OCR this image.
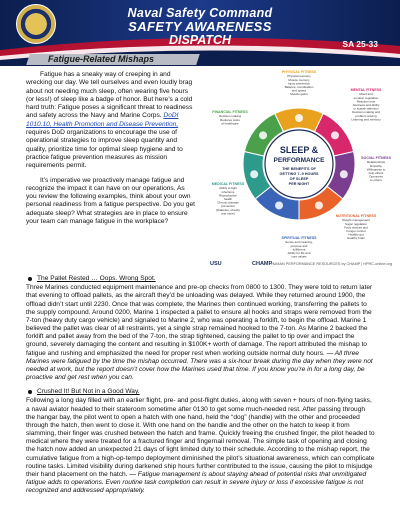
Naval Safety Command
SAFETY AWARENESS
DISPATCH	SA 25-33
Fatigue-Related Mishaps

Fatigue has a sneaky way of creeping in and wrecking our day. We tell ourselves and even loudly brag about not needing much sleep, often wearing five hours (or less!) of sleep like a badge of honor. But here’s a cold hard truth: Fatigue poses a significant threat to readiness and safety across the Navy and Marine Corps. DoDI 1010.10, Health Promotion and Disease Prevention, requires DoD organizations to encourage the use of operational strategies to improve sleep quantity and quality, prioritize time for optimal sleep hygiene and to practice fatigue prevention measures as mission requirements permit.

It’s imperative we proactively manage fatigue and recognize the impact it can have on our operations. As you review the following examples, think about your own personal readiness from a fatigue perspective. Do you get adequate sleep? What strategies are in place to ensure your team can manage fatigue in the workplace?

SLEEP &
PERFORMANCE
THE BENEFITS OF
GETTING 7–9 HOURS
OF SLEEP
PER NIGHT
PHYSICAL FITNESS
Physical recovery
Muscle memory
Injury prevention
Balance, coordination
and speed
Muscle gains
MENTAL FITNESS
Mood and
emotion regulation
Reaction time
Alertness and ability
to sustain attention
Decision making and
problem solving
Learning and memory
SOCIAL FITNESS
Relationships
Empathy
Willingness to
help others
Openness
to others
NUTRITIONAL FITNESS
Weight management
Sugar regulation
Food choices and
hunger control
Healthy gut
Healthy brain
SPIRITUAL FITNESS
Sense and meaning,
purpose and
fulfillment
Ability for life and
core values
MEDICAL FITNESS
Ability to fight
infections
Reproductive
health
Chronic disease
prevention
(Diabetes, obesity
and more)
FINANCIAL FITNESS
Decision making
Reduces costs
of healthcare
USU	CHAMP
HUMAN PERFORMANCE RESOURCES by CHAMP | HPRC-online.org
The Pallet Rested … Oops. Wrong Spot.
Three Marines conducted equipment maintenance and pre-op checks from 0800 to 1300. They were told to return later that evening to offload pallets, as the aircraft they’d be unloading was delayed. While they returned around 1900, the offload didn’t start until 2230. Once that was complete, the Marines then continued working, transferring the pallets to the supply compound. Around 0200, Marine 1 inspected a pallet to ensure all hooks and straps were removed from the 7-ton (heavy duty cargo vehicle) and signaled to Marine 2, who was operating a forklift, to begin the offload. Marine 1 believed the pallet was clear of all restraints, yet a single strap remained hooked to the 7-ton. As Marine 2 backed the forklift and pallet away from the bed of the 7-ton, the strap tightened, causing the pallet to tip over and impact the ground, severely damaging the content and resulting in $100K+ worth of damage. The report attributed the mishap to fatigue and rushing and emphasized the need for proper rest when working outside normal duty hours. — All three Marines were fatigued by the time the mishap occurred. There was a six-hour break during the day when they were not needed at work, but the report doesn’t cover how the Marines used that time. If you know you’re in for a long day, be proactive and get rest when you can.
Crushed It! But Not in a Good Way.
Following a long day filled with an earlier flight, pre- and post-flight duties, along with seven + hours of non-flying tasks, a naval aviator headed to their stateroom sometime after 0130 to get some much-needed rest. After passing through the hangar bay, the pilot went to open a hatch with one hand, held the “dog” (handle) with the other and proceeded through the hatch, then went to close it. With one hand on the handle and the other on the hatch to keep it from slamming, their finger was crushed between the hatch and frame. Quickly freeing the crushed finger, the pilot headed to medical where they were treated for a fractured finger and fingernail removal. The simple task of opening and closing the hatch now added an unexpected 21 days of light limited duty to their schedule. According to the mishap report, the cumulative fatigue from a high-op-tempo deployment diminished the pilot’s situational awareness, which can complicate routine tasks. Limited visibility during darkened ship hours further contributed to the issue, causing the pilot to misjudge their hand placement on the hatch. — Fatigue management is about staying ahead of potential risks that unmitigated fatigue adds to operations. Even routine task completion can result in severe injury or loss if excessive fatigue is not recognized and addressed appropriately.
